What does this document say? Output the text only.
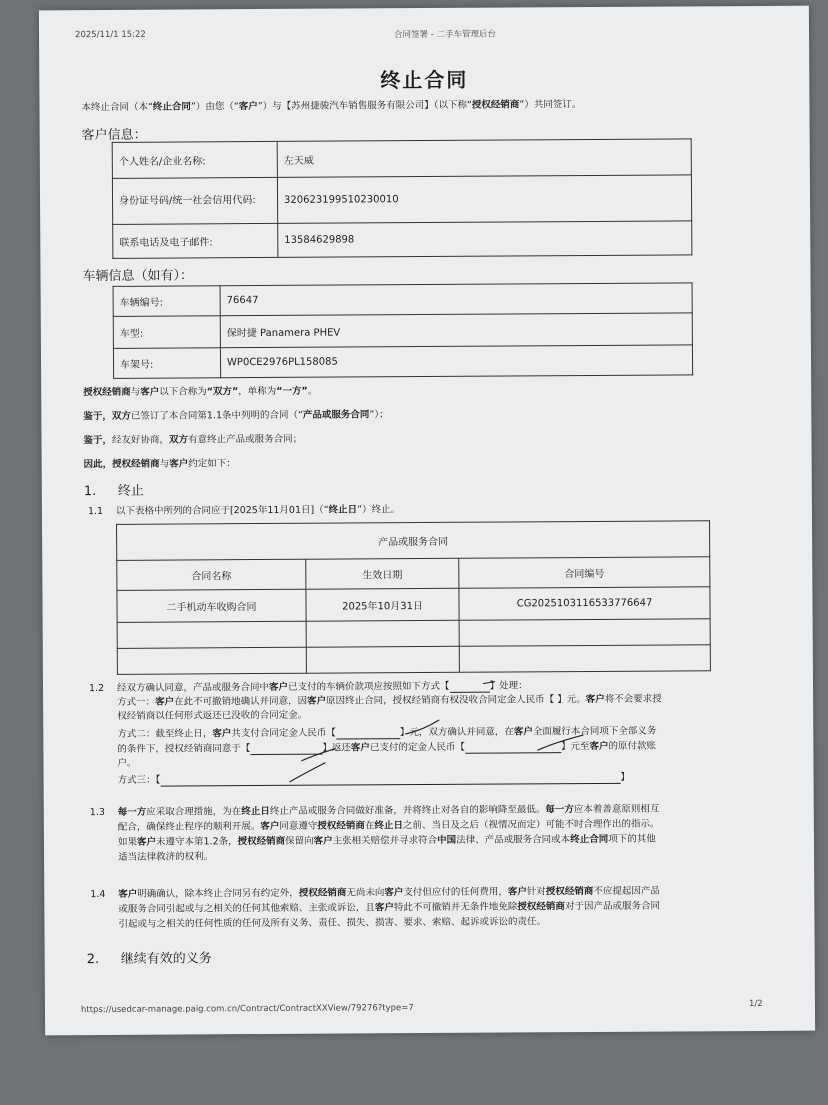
2025/11/1 15:22	合同签署 - 二手车管理后台
终止合同
本终止合同（本“终止合同”）由您（“客户”）与【苏州捷骏汽车销售服务有限公司】（以下称“授权经销商”）共同签订。
客户信息：
个人姓名/企业名称:	左天威
身份证号码/统一社会信用代码:	320623199510230010
联系电话及电子邮件:	13584629898
车辆信息（如有）：
车辆编号:	76647
车型:	保时捷 Panamera PHEV
车架号:	WP0CE2976PL158085
授权经销商与客户以下合称为“双方”，单称为“一方”。
鉴于，双方已签订了本合同第1.1条中列明的合同（“产品或服务合同”）；
鉴于，经友好协商，双方有意终止产品或服务合同；
因此，授权经销商与客户约定如下：
1. 终止
1.1 以下表格中所列的合同应于[2025年11月01日]（“终止日”）终止。
产品或服务合同		
合同名称	生效日期	合同编号
二手机动车收购合同	2025年10月31日	CG2025103116533776647

1.2 经双方确认同意，产品或服务合同中客户已支付的车辆价款项应按照如下方式【	】处理：
方式一：客户在此不可撤销地确认并同意，因客户原因终止合同，授权经销商有权没收合同定金人民币【 】元。客户将不会要求授
权经销商以任何形式返还已没收的合同定金。
方式二：截至终止日，客户共支付合同定金人民币【	】元，双方确认并同意，在客户全面履行本合同项下全部义务
的条件下，授权经销商同意于【	】返还客户已支付的定金人民币【	】元至客户的原付款账
户。
方式三：【	】
1.3 每一方应采取合理措施，为在终止日终止产品或服务合同做好准备，并将终止对各自的影响降至最低。每一方应本着善意原则相互
配合，确保终止程序的顺利开展。客户同意遵守授权经销商在终止日之前、当日及之后（视情况而定）可能不时合理作出的指示。
如果客户未遵守本第1.2条，授权经销商保留向客户主张相关赔偿并寻求符合中国法律、产品或服务合同或本终止合同项下的其他
适当法律救济的权利。
1.4 客户明确确认，除本终止合同另有约定外，授权经销商无尚未向客户支付但应付的任何费用，客户针对授权经销商不应提起因产品
或服务合同引起或与之相关的任何其他索赔、主张或诉讼，且客户特此不可撤销并无条件地免除授权经销商对于因产品或服务合同
引起或与之相关的任何性质的任何及所有义务、责任、损失、损害、要求、索赔、起诉或诉讼的责任。
2. 继续有效的义务
https://usedcar-manage.paig.com.cn/Contract/ContractXXView/79276?type=7	1/2
